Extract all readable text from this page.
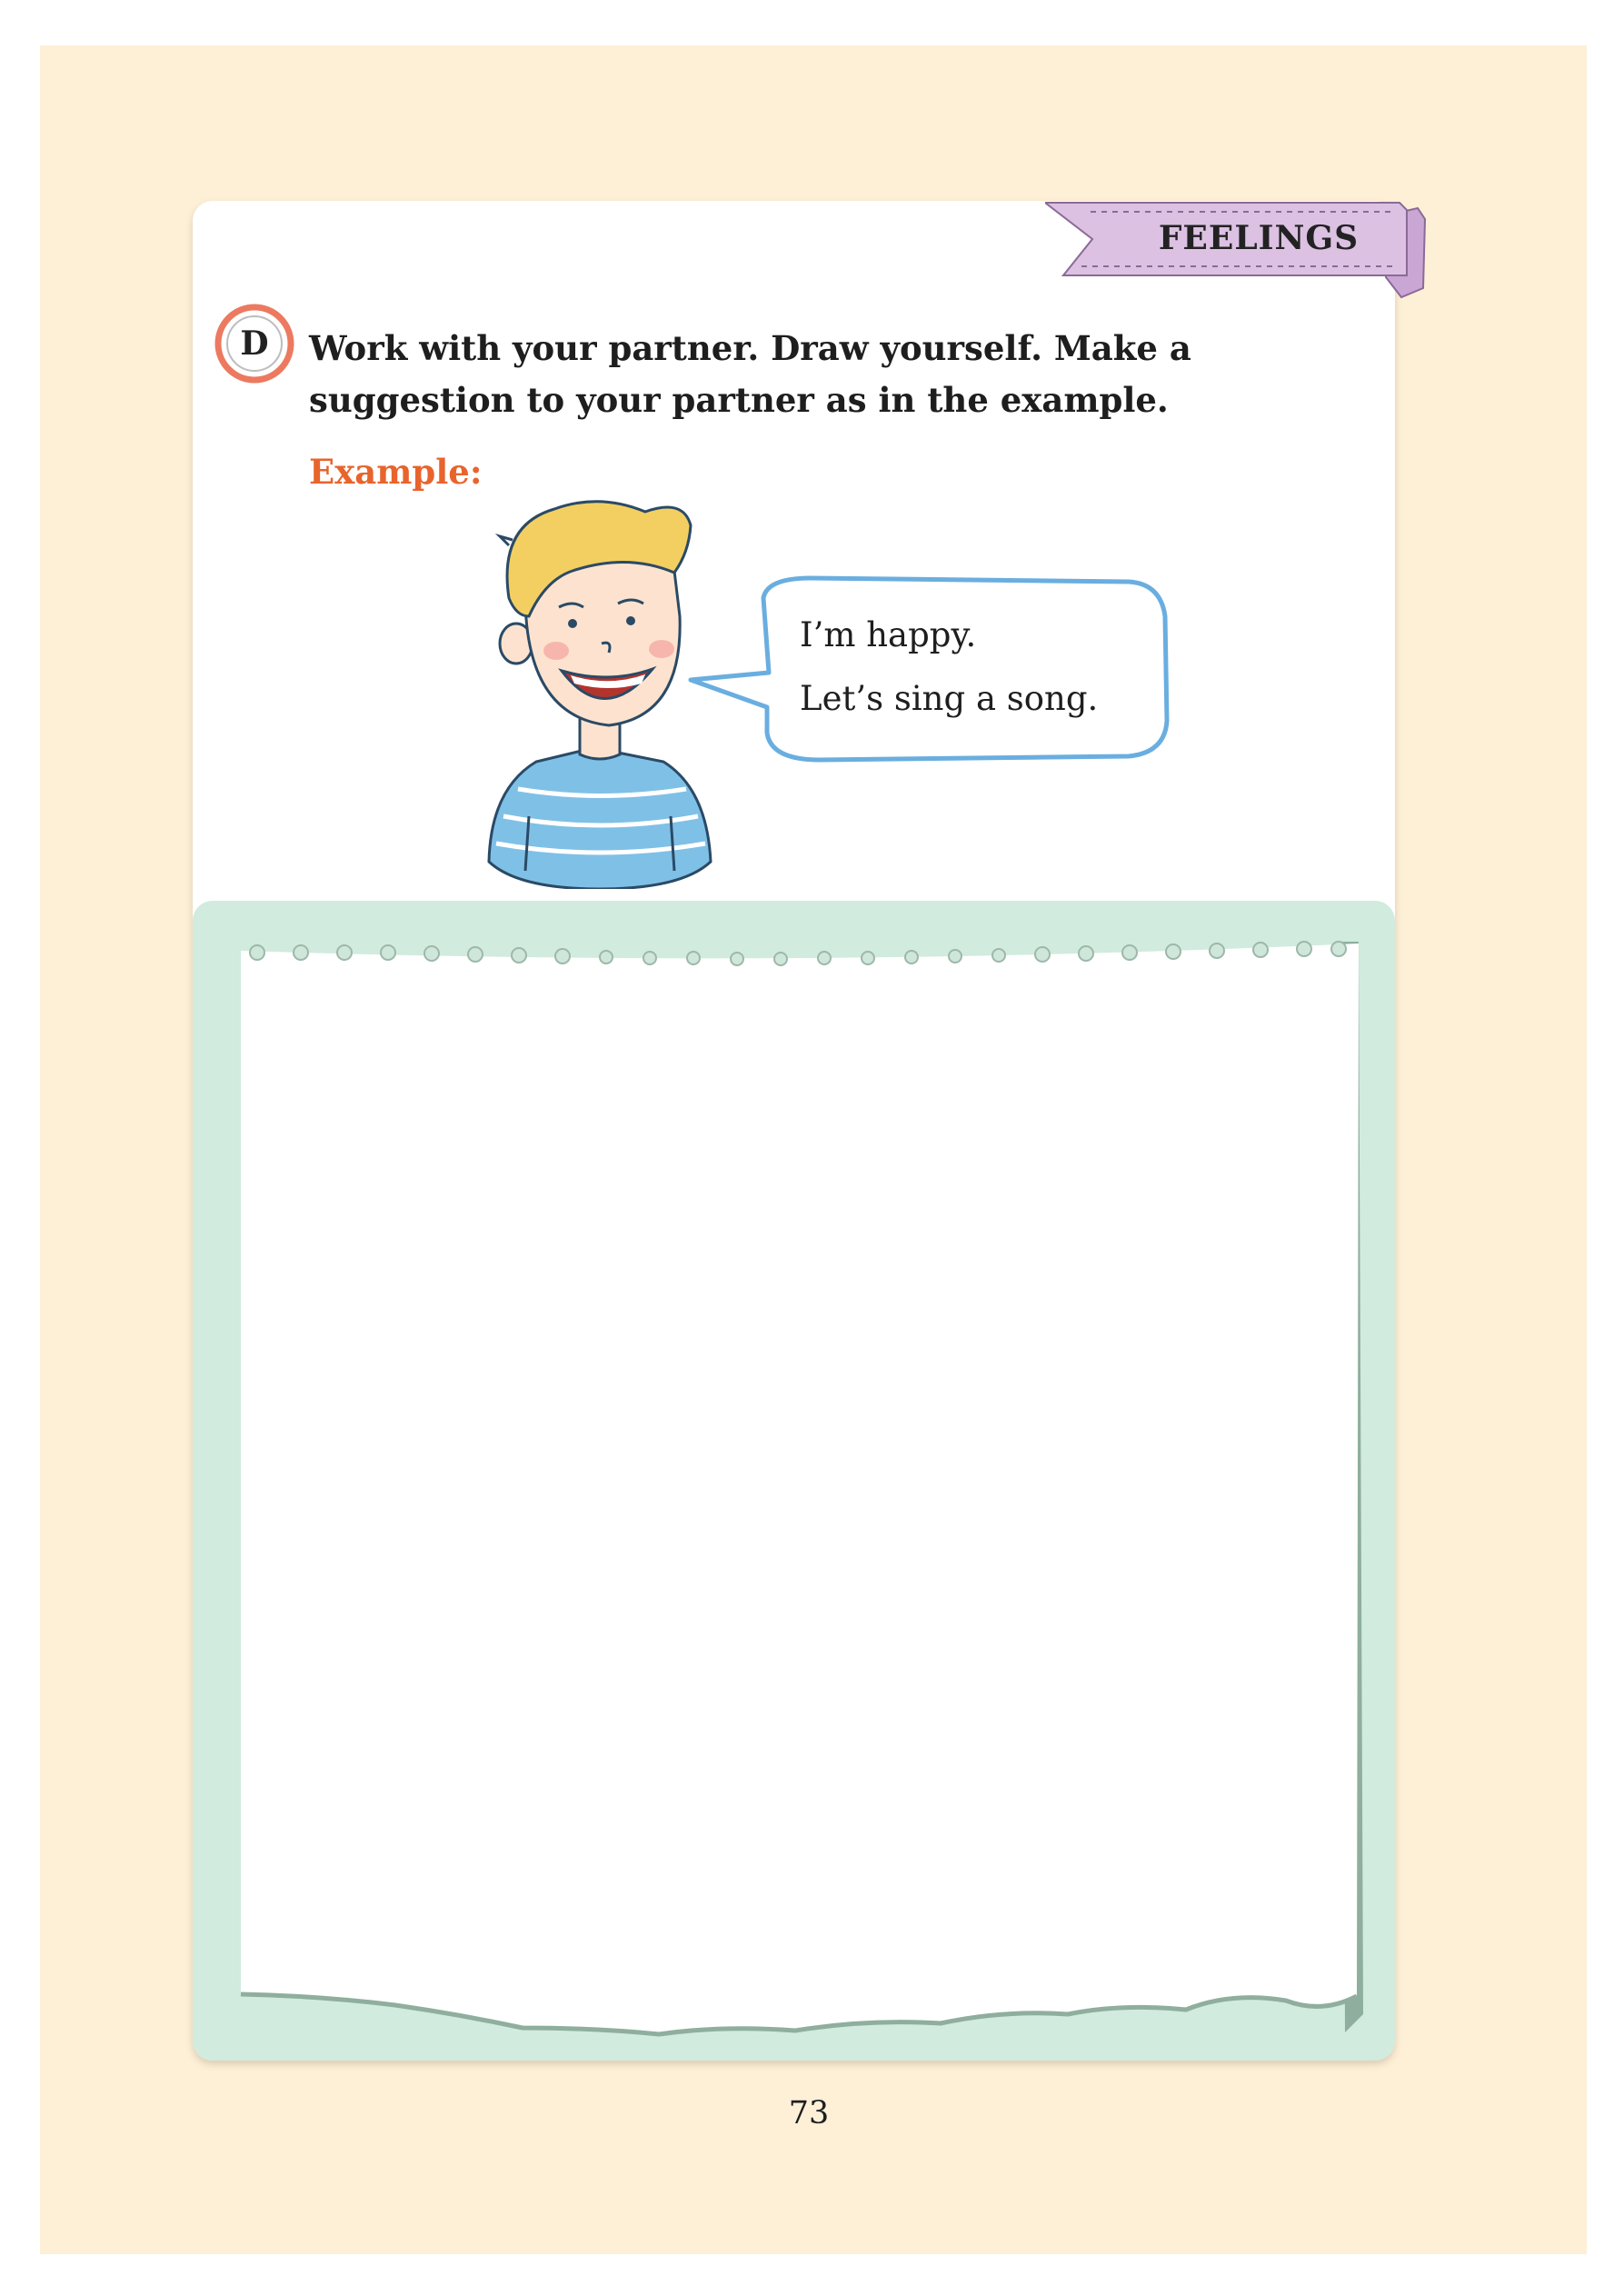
FEELINGS
D	Work with your partner. Draw yourself. Make a suggestion to your partner as in the example.
Example:
I’m happy.
Let’s sing a song.
73
